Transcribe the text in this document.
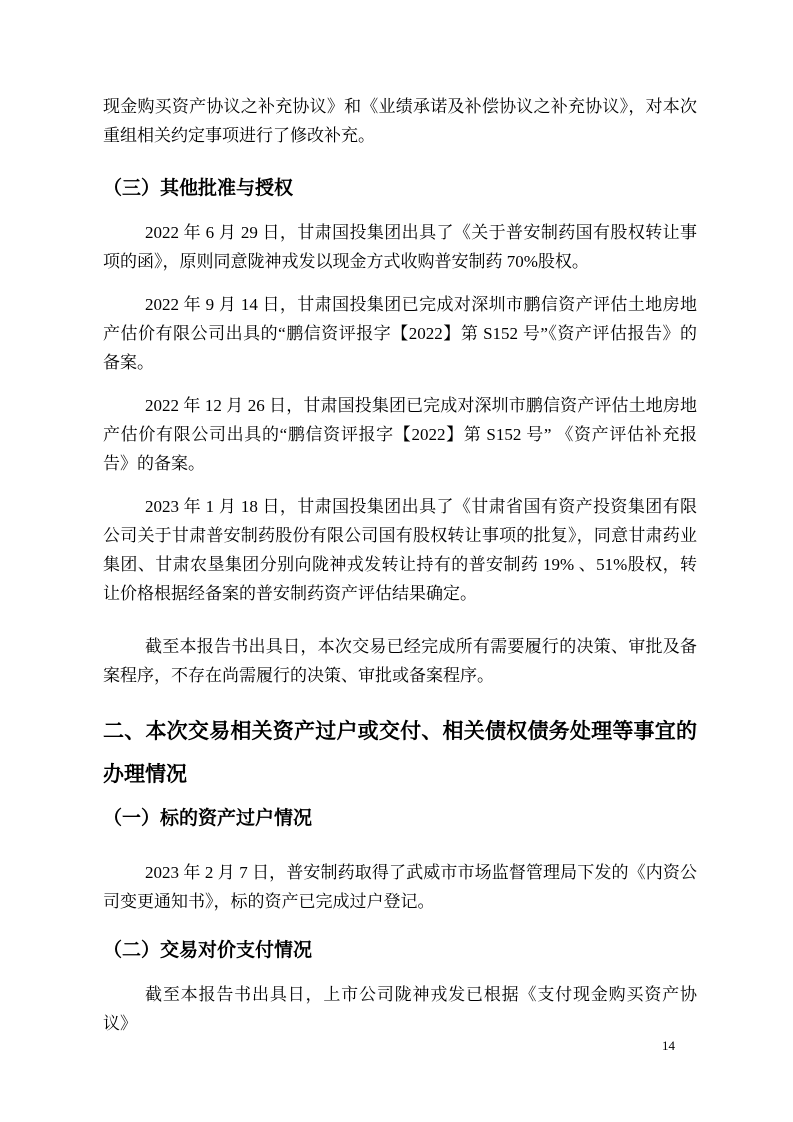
现金购买资产协议之补充协议》和《业绩承诺及补偿协议之补充协议》，对本次重组相关约定事项进行了修改补充。

（三）其他批准与授权

2022 年 6 月 29 日，甘肃国投集团出具了《关于普安制药国有股权转让事项的函》，原则同意陇神戎发以现金方式收购普安制药 70%股权。

2022 年 9 月 14 日，甘肃国投集团已完成对深圳市鹏信资产评估土地房地产估价有限公司出具的“鹏信资评报字【2022】第 S152 号”《资产评估报告》的备案。

2022 年 12 月 26 日，甘肃国投集团已完成对深圳市鹏信资产评估土地房地产估价有限公司出具的“鹏信资评报字【2022】第 S152 号” 《资产评估补充报告》的备案。

2023 年 1 月 18 日，甘肃国投集团出具了《甘肃省国有资产投资集团有限公司关于甘肃普安制药股份有限公司国有股权转让事项的批复》，同意甘肃药业集团、甘肃农垦集团分别向陇神戎发转让持有的普安制药 19% 、51%股权，转让价格根据经备案的普安制药资产评估结果确定。

截至本报告书出具日，本次交易已经完成所有需要履行的决策、审批及备案程序，不存在尚需履行的决策、审批或备案程序。

二、本次交易相关资产过户或交付、相关债权债务处理等事宜的办理情况
（一）标的资产过户情况

2023 年 2 月 7 日，普安制药取得了武威市市场监督管理局下发的《内资公司变更通知书》，标的资产已完成过户登记。

（二）交易对价支付情况

截至本报告书出具日，上市公司陇神戎发已根据《支付现金购买资产协议》

14
